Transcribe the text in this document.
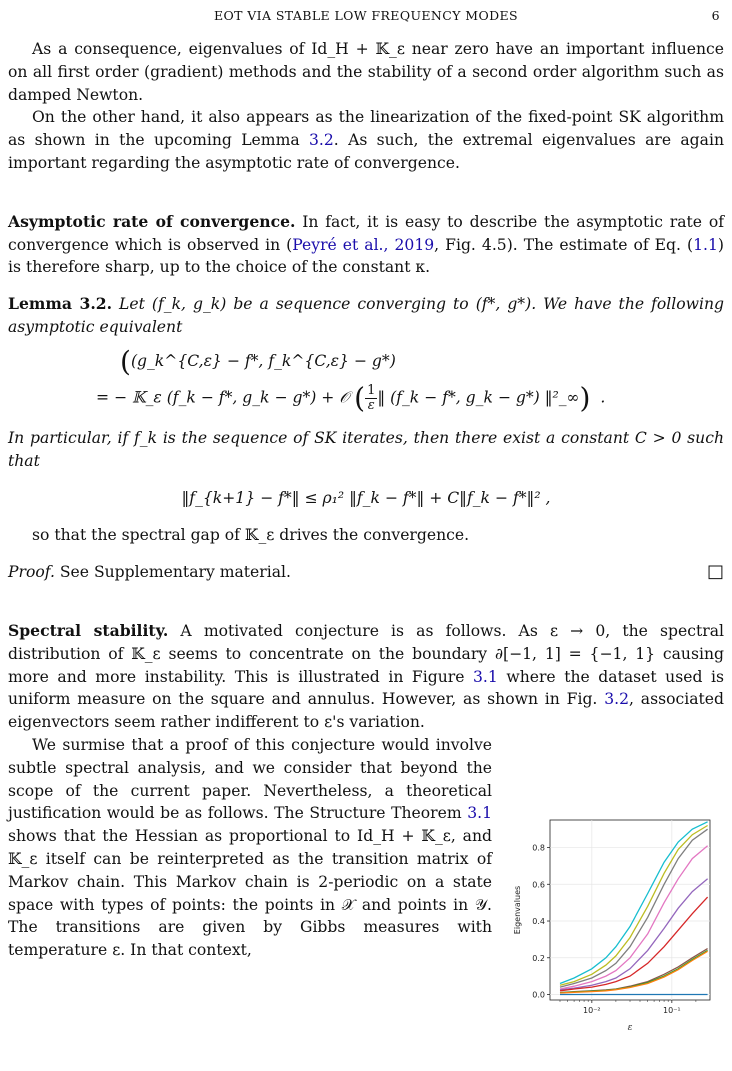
EOT VIA STABLE LOW FREQUENCY MODES	6

As a consequence, eigenvalues of Id_H + 𝕂_ε near zero have an important influence on all first order (gradient) methods and the stability of a second order algorithm such as damped Newton.

On the other hand, it also appears as the linearization of the fixed-point SK algorithm as shown in the upcoming Lemma 3.2. As such, the extremal eigenvalues are again important regarding the asymptotic rate of convergence.

Asymptotic rate of convergence. In fact, it is easy to describe the asymptotic rate of convergence which is observed in (Peyré et al., 2019, Fig. 4.5). The estimate of Eq. (1.1) is therefore sharp, up to the choice of the constant κ.

Lemma 3.2. Let (f_k, g_k) be a sequence converging to (f*, g*). We have the following asymptotic equivalent

((g_k^{C,ε} − f*, f_k^{C,ε} − g*)
= − 𝕂_ε (f_k − f*, g_k − g*) + 𝒪 ( $\frac{1}{\varepsilon}$ ‖ (f_k − f*, g_k − g*) ‖²_∞) .

In particular, if f_k is the sequence of SK iterates, then there exist a constant C > 0 such that

‖f_{k+1} − f*‖ ≤ ρ₁² ‖f_k − f*‖ + C‖f_k − f*‖² ,

so that the spectral gap of 𝕂_ε drives the convergence.

Proof. See Supplementary material.	□

Spectral stability. A motivated conjecture is as follows. As ε → 0, the spectral distribution of 𝕂_ε seems to concentrate on the boundary ∂[−1, 1] = {−1, 1} causing more and more instability. This is illustrated in Figure 3.1 where the dataset used is uniform measure on the square and annulus. However, as shown in Fig. 3.2, associated eigenvectors seem rather indifferent to ε's variation.

We surmise that a proof of this conjecture would involve subtle spectral analysis, and we consider that beyond the scope of the current paper. Nevertheless, a theoretical justification would be as follows. The Structure Theorem 3.1 shows that the Hessian as proportional to Id_H + 𝕂_ε, and 𝕂_ε itself can be reinterpreted as the transition matrix of Markov chain. This Markov chain is 2-periodic on a state space with types of points: the points in 𝒳 and points in 𝒴. The transitions are given by Gibbs measures with temperature ε. In that context,

0.0
0.2
0.4
0.6
0.8
10⁻²	10⁻¹
ε
Eigenvalues
